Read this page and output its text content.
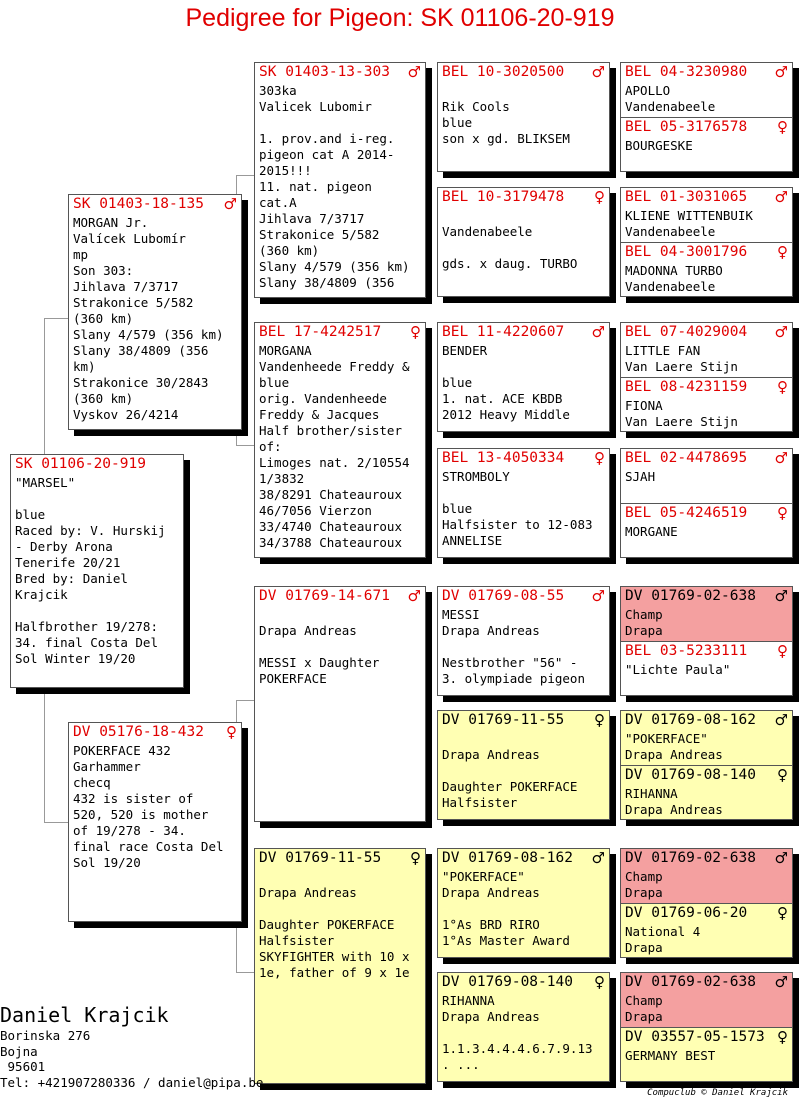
Pedigree for Pigeon: SK 01106-20-919
SK 01106-20-919
"MARSEL"

blue
Raced by: V. Hurskij
- Derby Arona
Tenerife 20/21
Bred by: Daniel
Krajcik

Halfbrother 19/278:
34. final Costa Del
Sol Winter 19/20
SK 01403-18-135 ♂
MORGAN Jr.
Valícek Lubomír
mp
Son 303:
Jihlava 7/3717
Strakonice 5/582
(360 km)
Slany 4/579 (356 km)
Slany 38/4809 (356
km)
Strakonice 30/2843
(360 km)
Vyskov 26/4214
DV 05176-18-432 ♀
POKERFACE 432
Garhammer
checq
432 is sister of
520, 520 is mother
of 19/278 - 34.
final race Costa Del
Sol 19/20
SK 01403-13-303 ♂
303ka
Valicek Lubomir

1. prov.and i-reg.
pigeon cat A 2014-
2015!!!
11. nat. pigeon
cat.A
Jihlava 7/3717
Strakonice 5/582
(360 km)
Slany 4/579 (356 km)
Slany 38/4809 (356
BEL 17-4242517 ♀
MORGANA
Vandenheede Freddy &
blue
orig. Vandenheede
Freddy & Jacques
Half brother/sister
of:
Limoges nat. 2/10554
1/3832
38/8291 Chateauroux
46/7056 Vierzon
33/4740 Chateauroux
34/3788 Chateauroux
DV 01769-14-671 ♂

Drapa Andreas

MESSI x Daughter
POKERFACE
DV 01769-11-55 ♀

Drapa Andreas

Daughter POKERFACE
Halfsister
SKYFIGHTER with 10 x
1e, father of 9 x 1e
BEL 10-3020500 ♂

Rik Cools
blue
son x gd. BLIKSEM
BEL 10-3179478 ♀

Vandenabeele

gds. x daug. TURBO
BEL 11-4220607 ♂
BENDER

blue
1. nat. ACE KBDB
2012 Heavy Middle
BEL 13-4050334 ♀
STROMBOLY

blue
Halfsister to 12-083
ANNELISE
DV 01769-08-55 ♂
MESSI
Drapa Andreas

Nestbrother "56" -
3. olympiade pigeon
DV 01769-11-55 ♀

Drapa Andreas

Daughter POKERFACE
Halfsister
DV 01769-08-162 ♂
"POKERFACE"
Drapa Andreas

1°As BRD RIRO
1°As Master Award
DV 01769-08-140 ♀
RIHANNA
Drapa Andreas

1.1.3.4.4.4.6.7.9.13
. ...
BEL 04-3230980 ♂
APOLLO
Vandenabeele
BEL 05-3176578 ♀
BOURGESKE
BEL 01-3031065 ♂
KLIENE WITTENBUIK
Vandenabeele
BEL 04-3001796 ♀
MADONNA TURBO
Vandenabeele
BEL 07-4029004 ♂
LITTLE FAN
Van Laere Stijn
BEL 08-4231159 ♀
FIONA
Van Laere Stijn
BEL 02-4478695 ♂
SJAH
BEL 05-4246519 ♀
MORGANE
DV 01769-02-638 ♂
Champ
Drapa
BEL 03-5233111 ♀
"Lichte Paula"
DV 01769-08-162 ♂
"POKERFACE"
Drapa Andreas
DV 01769-08-140 ♀
RIHANNA
Drapa Andreas
DV 01769-02-638 ♂
Champ
Drapa
DV 01769-06-20 ♀
National 4
Drapa
DV 01769-02-638 ♂
Champ
Drapa
DV 03557-05-1573 ♀
GERMANY BEST
Daniel Krajcik
Borinska 276
Bojna
95601
Tel: +421907280336 / daniel@pipa.be
Compuclub © Daniel Krajcik
